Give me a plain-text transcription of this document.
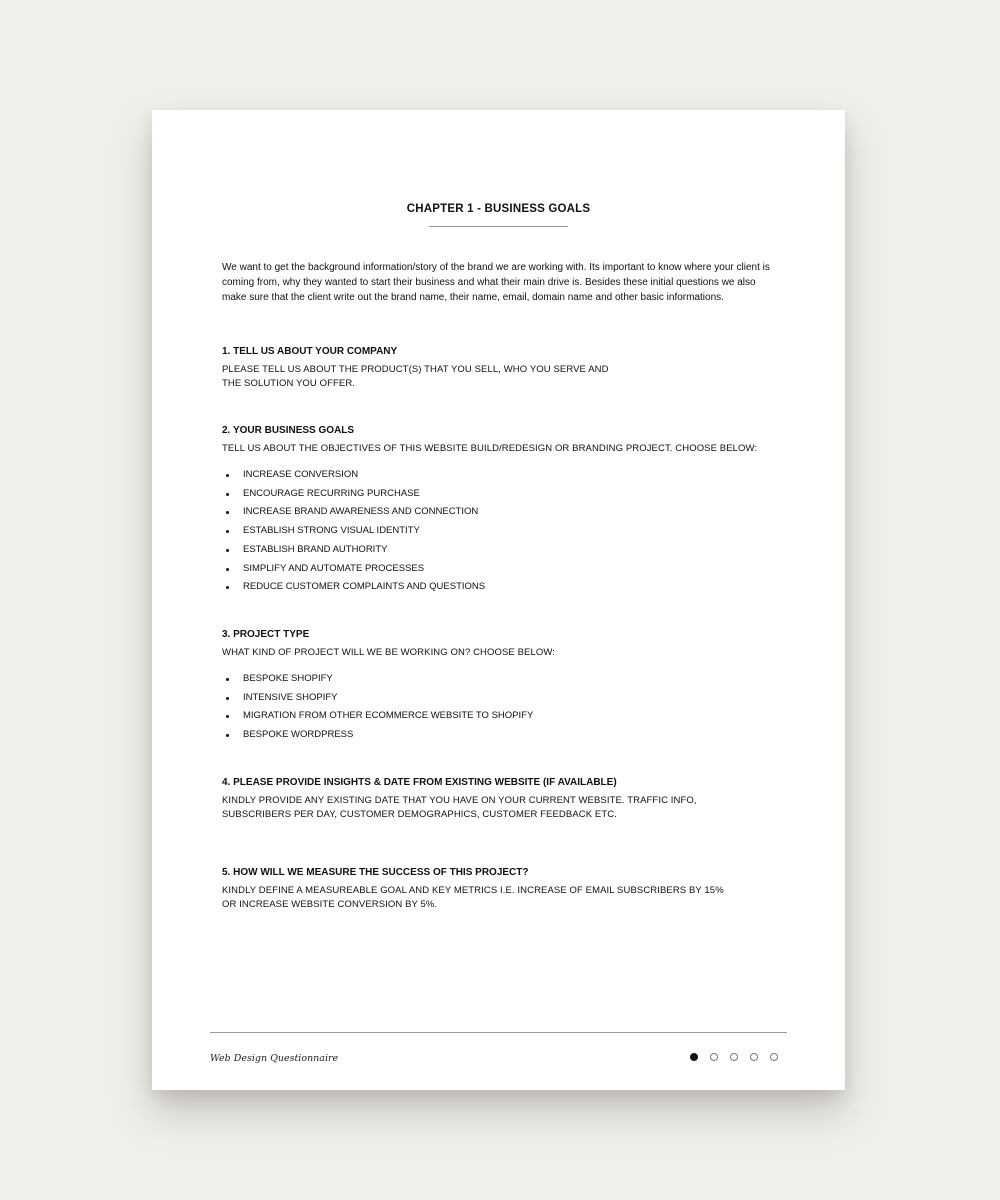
CHAPTER 1 - BUSINESS GOALS

We want to get the background information/story of the brand we are working with. Its important to know where your client is coming from, why they wanted to start their business and what their main drive is. Besides these initial questions we also make sure that the client write out the brand name, their name, email, domain name and other basic informations.

1. TELL US ABOUT YOUR COMPANY

PLEASE TELL US ABOUT THE PRODUCT(S) THAT YOU SELL, WHO YOU SERVE AND
THE SOLUTION YOU OFFER.

2. YOUR BUSINESS GOALS

TELL US ABOUT THE OBJECTIVES OF THIS WEBSITE BUILD/REDESIGN OR BRANDING PROJECT. CHOOSE BELOW:

INCREASE CONVERSION
ENCOURAGE RECURRING PURCHASE
INCREASE BRAND AWARENESS AND CONNECTION
ESTABLISH STRONG VISUAL IDENTITY
ESTABLISH BRAND AUTHORITY
SIMPLIFY AND AUTOMATE PROCESSES
REDUCE CUSTOMER COMPLAINTS AND QUESTIONS
3. PROJECT TYPE

WHAT KIND OF PROJECT WILL WE BE WORKING ON? CHOOSE BELOW:

BESPOKE SHOPIFY
INTENSIVE SHOPIFY
MIGRATION FROM OTHER ECOMMERCE WEBSITE TO SHOPIFY
BESPOKE WORDPRESS
4. PLEASE PROVIDE INSIGHTS & DATE FROM EXISTING WEBSITE (IF AVAILABLE)

KINDLY PROVIDE ANY EXISTING DATE THAT YOU HAVE ON YOUR CURRENT WEBSITE. TRAFFIC INFO,
SUBSCRIBERS PER DAY, CUSTOMER DEMOGRAPHICS, CUSTOMER FEEDBACK ETC.

5. HOW WILL WE MEASURE THE SUCCESS OF THIS PROJECT?

KINDLY DEFINE A MEASUREABLE GOAL AND KEY METRICS I.E. INCREASE OF EMAIL SUBSCRIBERS BY 15%
OR INCREASE WEBSITE CONVERSION BY 5%.

Web Design Questionnaire
